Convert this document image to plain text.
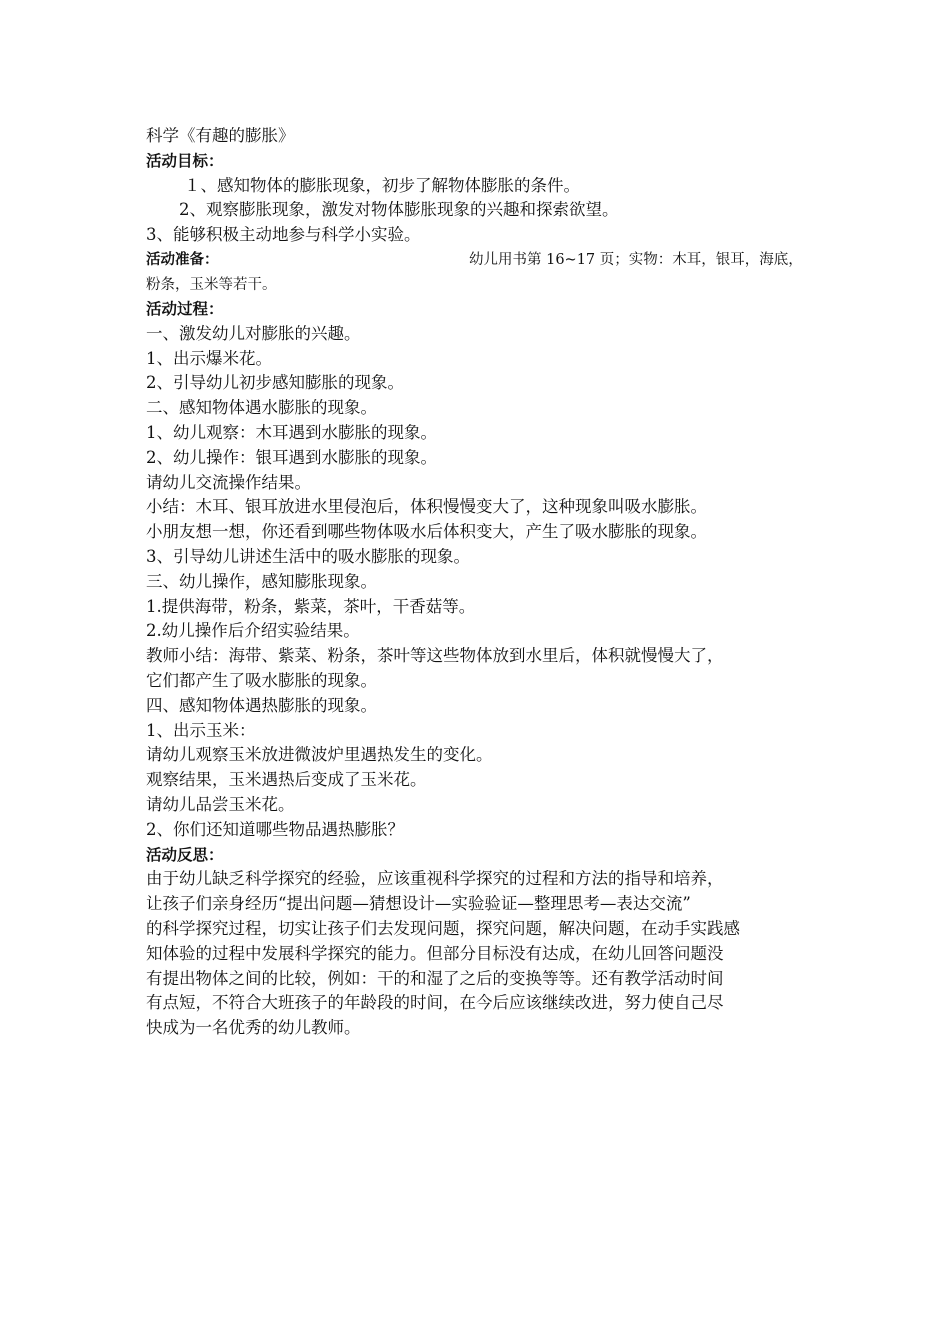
科学《有趣的膨胀》
活动目标：
１、感知物体的膨胀现象，初步了解物体膨胀的条件。
2、观察膨胀现象，激发对物体膨胀现象的兴趣和探索欲望。
3、能够积极主动地参与科学小实验。
活动准备：	幼儿用书第 16~17 页；实物：木耳，银耳，海底，
粉条，玉米等若干。
活动过程：
一、激发幼儿对膨胀的兴趣。
1、出示爆米花。
2、引导幼儿初步感知膨胀的现象。
二、感知物体遇水膨胀的现象。
1、幼儿观察：木耳遇到水膨胀的现象。
2、幼儿操作：银耳遇到水膨胀的现象。
请幼儿交流操作结果。
小结：木耳、银耳放进水里侵泡后，体积慢慢变大了，这种现象叫吸水膨胀。
小朋友想一想，你还看到哪些物体吸水后体积变大，产生了吸水膨胀的现象。
3、引导幼儿讲述生活中的吸水膨胀的现象。
三、幼儿操作，感知膨胀现象。
1.提供海带，粉条，紫菜，茶叶，干香菇等。
2.幼儿操作后介绍实验结果。
教师小结：海带、紫菜、粉条，茶叶等这些物体放到水里后，体积就慢慢大了，
它们都产生了吸水膨胀的现象。
四、感知物体遇热膨胀的现象。
1、出示玉米：
请幼儿观察玉米放进微波炉里遇热发生的变化。
观察结果，玉米遇热后变成了玉米花。
请幼儿品尝玉米花。
2、你们还知道哪些物品遇热膨胀？
活动反思：
由于幼儿缺乏科学探究的经验，应该重视科学探究的过程和方法的指导和培养，
让孩子们亲身经历“提出问题—猜想设计—实验验证—整理思考—表达交流”
的科学探究过程，切实让孩子们去发现问题，探究问题，解决问题，在动手实践感
知体验的过程中发展科学探究的能力。但部分目标没有达成，在幼儿回答问题没
有提出物体之间的比较，例如：干的和湿了之后的变换等等。还有教学活动时间
有点短，不符合大班孩子的年龄段的时间，在今后应该继续改进，努力使自己尽
快成为一名优秀的幼儿教师。
